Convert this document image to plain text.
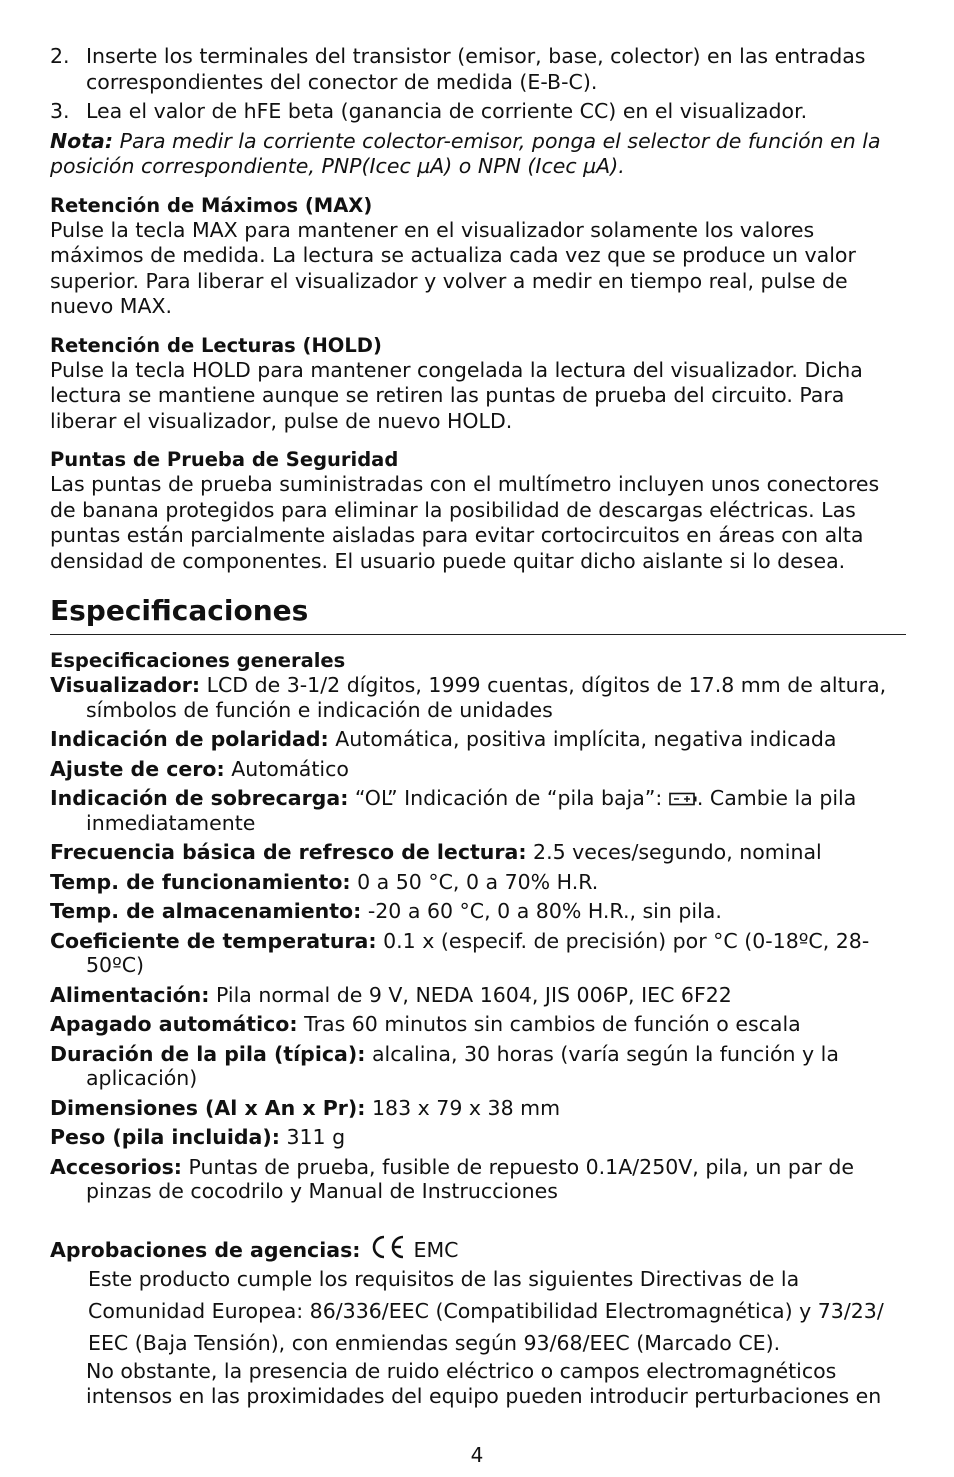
2. Inserte los terminales del transistor (emisor, base, colector) en las entradas correspondientes del conector de medida (E-B-C).
3. Lea el valor de hFE beta (ganancia de corriente CC) en el visualizador.

Nota: Para medir la corriente colector-emisor, ponga el selector de función en la posición correspondiente, PNP(Icec µA) o NPN (Icec µA).

Retención de Máximos (MAX)

Pulse la tecla MAX para mantener en el visualizador solamente los valores máximos de medida. La lectura se actualiza cada vez que se produce un valor superior. Para liberar el visualizador y volver a medir en tiempo real, pulse de nuevo MAX.

Retención de Lecturas (HOLD)

Pulse la tecla HOLD para mantener congelada la lectura del visualizador. Dicha lectura se mantiene aunque se retiren las puntas de prueba del circuito. Para liberar el visualizador, pulse de nuevo HOLD.

Puntas de Prueba de Seguridad

Las puntas de prueba suministradas con el multímetro incluyen unos conectores de banana protegidos para eliminar la posibilidad de descargas eléctricas. Las puntas están parcialmente aisladas para evitar cortocircuitos en áreas con alta densidad de componentes. El usuario puede quitar dicho aislante si lo desea.

Especificaciones

Especificaciones generales

Visualizador: LCD de 3-1/2 dígitos, 1999 cuentas, dígitos de 17.8 mm de altura, símbolos de función e indicación de unidades

Indicación de polaridad: Automática, positiva implícita, negativa indicada

Ajuste de cero: Automático

Indicación de sobrecarga: “OL” Indicación de “pila baja”: . Cambie la pila inmediatamente

Frecuencia básica de refresco de lectura: 2.5 veces/segundo, nominal

Temp. de funcionamiento: 0 a 50 °C, 0 a 70% H.R.

Temp. de almacenamiento: -20 a 60 °C, 0 a 80% H.R., sin pila.

Coeficiente de temperatura: 0.1 x (especif. de precisión) por °C (0-18ºC, 28-50ºC)

Alimentación: Pila normal de 9 V, NEDA 1604, JIS 006P, IEC 6F22

Apagado automático: Tras 60 minutos sin cambios de función o escala

Duración de la pila (típica): alcalina, 30 horas (varía según la función y la aplicación)

Dimensiones (Al x An x Pr): 183 x 79 x 38 mm

Peso (pila incluida): 311 g

Accesorios: Puntas de prueba, fusible de repuesto 0.1A/250V, pila, un par de pinzas de cocodrilo y Manual de Instrucciones

Aprobaciones de agencias:  EMC

Este producto cumple los requisitos de las siguientes Directivas de la

Comunidad Europea: 86/336/EEC (Compatibilidad Electromagnética) y 73/23/

EEC (Baja Tensión), con enmiendas según 93/68/EEC (Marcado CE).

No obstante, la presencia de ruido eléctrico o campos electromagnéticos intensos en las proximidades del equipo pueden introducir perturbaciones en

4
